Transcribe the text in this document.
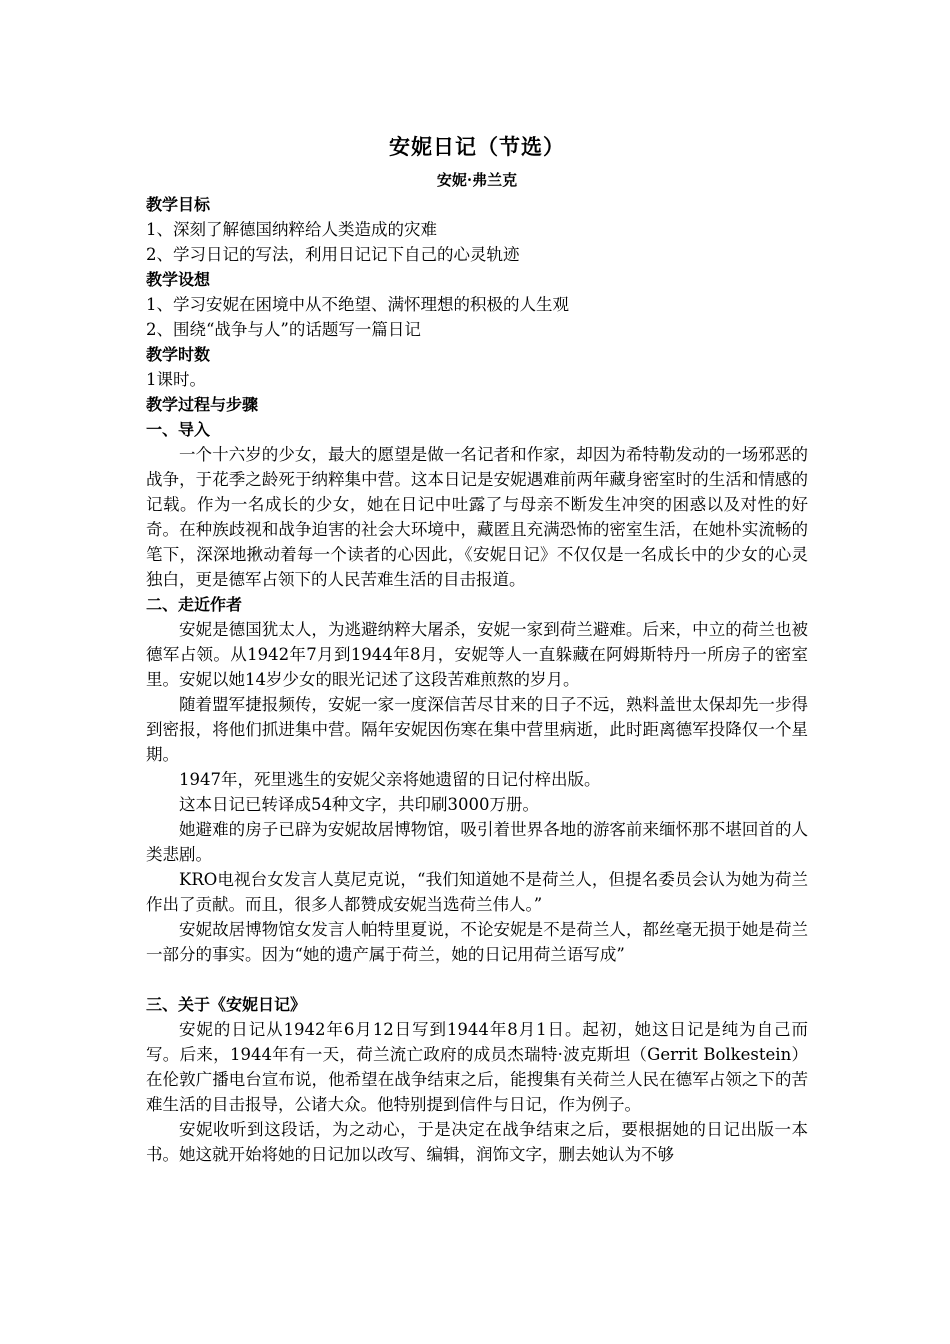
安妮日记（节选）
安妮·弗兰克
教学目标
1、深刻了解德国纳粹给人类造成的灾难
2、学习日记的写法，利用日记记下自己的心灵轨迹
教学设想
1、学习安妮在困境中从不绝望、满怀理想的积极的人生观
2、围绕“战争与人”的话题写一篇日记
教学时数
1课时。
教学过程与步骤
一、导入

一个十六岁的少女，最大的愿望是做一名记者和作家，却因为希特勒发动的一场邪恶的战争，于花季之龄死于纳粹集中营。这本日记是安妮遇难前两年藏身密室时的生活和情感的记载。作为一名成长的少女，她在日记中吐露了与母亲不断发生冲突的困惑以及对性的好奇。在种族歧视和战争迫害的社会大环境中，藏匿且充满恐怖的密室生活，在她朴实流畅的笔下，深深地揪动着每一个读者的心因此，《安妮日记》不仅仅是一名成长中的少女的心灵独白，更是德军占领下的人民苦难生活的目击报道。

二、走近作者

安妮是德国犹太人，为逃避纳粹大屠杀，安妮一家到荷兰避难。后来，中立的荷兰也被德军占领。从1942年7月到1944年8月，安妮等人一直躲藏在阿姆斯特丹一所房子的密室里。安妮以她14岁少女的眼光记述了这段苦难煎熬的岁月。

随着盟军捷报频传，安妮一家一度深信苦尽甘来的日子不远，熟料盖世太保却先一步得到密报，将他们抓进集中营。隔年安妮因伤寒在集中营里病逝，此时距离德军投降仅一个星期。

1947年，死里逃生的安妮父亲将她遗留的日记付梓出版。

这本日记已转译成54种文字，共印刷3000万册。

她避难的房子已辟为安妮故居博物馆，吸引着世界各地的游客前来缅怀那不堪回首的人类悲剧。

KRO电视台女发言人莫尼克说，“我们知道她不是荷兰人，但提名委员会认为她为荷兰作出了贡献。而且，很多人都赞成安妮当选荷兰伟人。”

安妮故居博物馆女发言人帕特里夏说，不论安妮是不是荷兰人，都丝毫无损于她是荷兰一部分的事实。因为“她的遗产属于荷兰，她的日记用荷兰语写成”

三、关于《安妮日记》

安妮的日记从1942年6月12日写到1944年8月1日。起初，她这日记是纯为自己而写。后来，1944年有一天，荷兰流亡政府的成员杰瑞特·波克斯坦（Gerrit Bolkestein）在伦敦广播电台宣布说，他希望在战争结束之后，能搜集有关荷兰人民在德军占领之下的苦难生活的目击报导，公诸大众。他特别提到信件与日记，作为例子。

安妮收听到这段话，为之动心，于是决定在战争结束之后，要根据她的日记出版一本书。她这就开始将她的日记加以改写、编辑，润饰文字，删去她认为不够
